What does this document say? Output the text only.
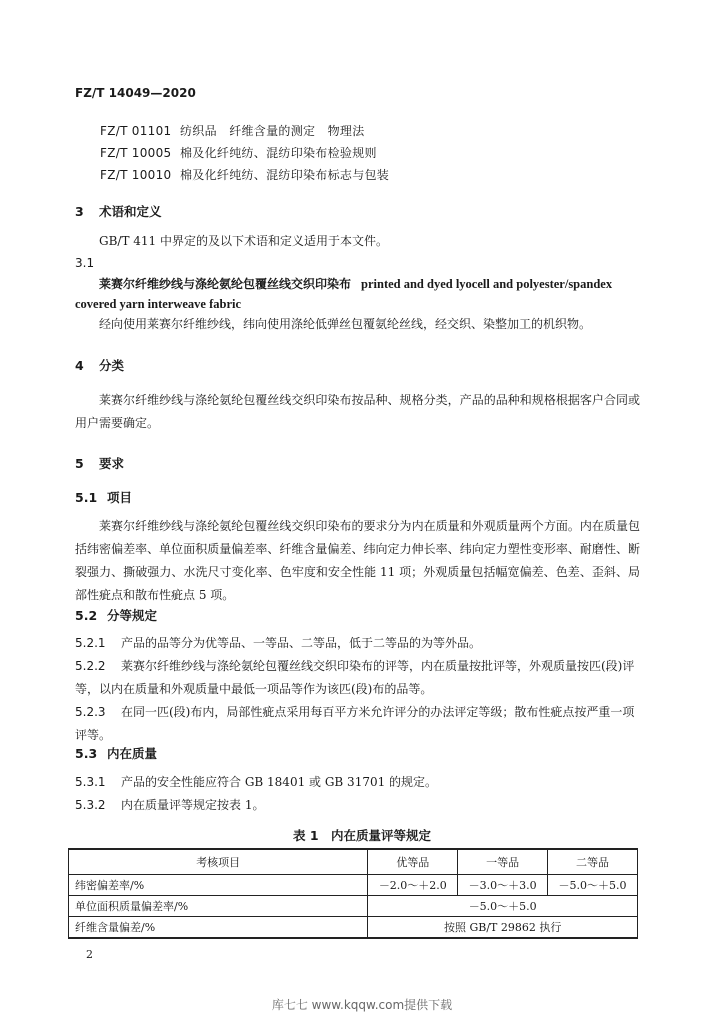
FZ/T 14049—2020
FZ/T 01101 纺织品　纤维含量的测定　物理法
FZ/T 10005 棉及化纤纯纺、混纺印染布检验规则
FZ/T 10010 棉及化纤纯纺、混纺印染布标志与包装
3 术语和定义
GB/T 411 中界定的及以下术语和定义适用于本文件。
3.1
莱赛尔纤维纱线与涤纶氨纶包覆丝线交织印染布 printed and dyed lyocell and polyester/spandex covered yarn interweave fabric
经向使用莱赛尔纤维纱线，纬向使用涤纶低弹丝包覆氨纶丝线，经交织、染整加工的机织物。
4 分类
莱赛尔纤维纱线与涤纶氨纶包覆丝线交织印染布按品种、规格分类，产品的品种和规格根据客户合同或用户需要确定。
5 要求
5.1 项目
莱赛尔纤维纱线与涤纶氨纶包覆丝线交织印染布的要求分为内在质量和外观质量两个方面。内在质量包括纬密偏差率、单位面积质量偏差率、纤维含量偏差、纬向定力伸长率、纬向定力塑性变形率、耐磨性、断裂强力、撕破强力、水洗尺寸变化率、色牢度和安全性能 11 项；外观质量包括幅宽偏差、色差、歪斜、局部性疵点和散布性疵点 5 项。
5.2 分等规定
5.2.1 产品的品等分为优等品、一等品、二等品，低于二等品的为等外品。
5.2.2 莱赛尔纤维纱线与涤纶氨纶包覆丝线交织印染布的评等，内在质量按批评等，外观质量按匹(段)评等，以内在质量和外观质量中最低一项品等作为该匹(段)布的品等。
5.2.3 在同一匹(段)布内，局部性疵点采用每百平方米允许评分的办法评定等级；散布性疵点按严重一项评等。
5.3 内在质量
5.3.1 产品的安全性能应符合 GB 18401 或 GB 31701 的规定。
5.3.2 内在质量评等规定按表 1。
表 1　内在质量评等规定
考核项目	优等品	一等品	二等品
纬密偏差率/%	－2.0～＋2.0	－3.0～＋3.0	－5.0～＋5.0
单位面积质量偏差率/%	－5.0～＋5.0		
纤维含量偏差/%	按照 GB/T 29862 执行		
2
库七七 www.kqqw.com提供下载
